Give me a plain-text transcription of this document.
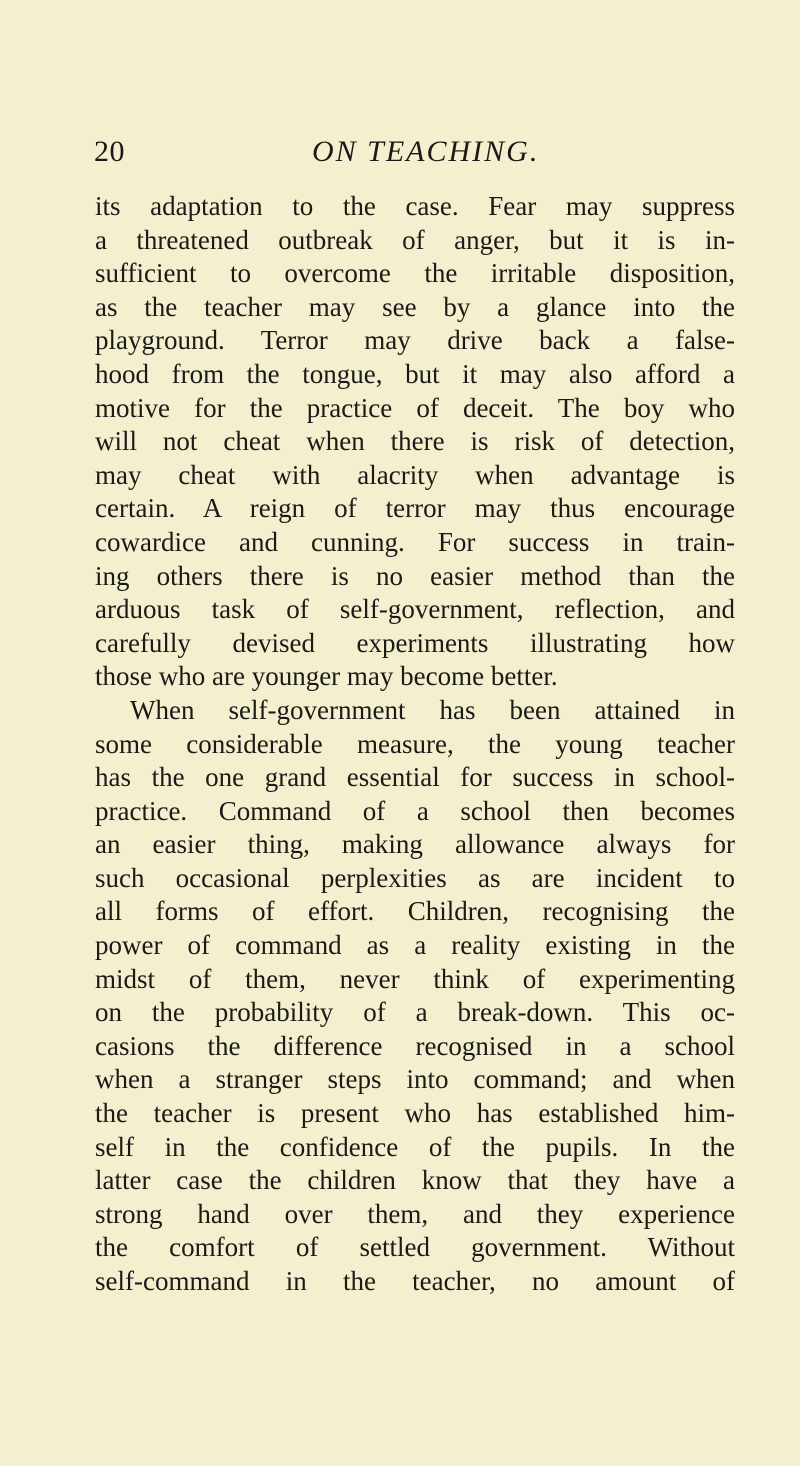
20	ON TEACHING.
its adaptation to the case. Fear may suppress
a threatened outbreak of anger, but it is in-
sufficient to overcome the irritable disposition,
as the teacher may see by a glance into the
playground. Terror may drive back a false-
hood from the tongue, but it may also afford a
motive for the practice of deceit. The boy who
will not cheat when there is risk of detection,
may cheat with alacrity when advantage is
certain. A reign of terror may thus encourage
cowardice and cunning. For success in train-
ing others there is no easier method than the
arduous task of self-government, reflection, and
carefully devised experiments illustrating how
those who are younger may become better.
When self-government has been attained in
some considerable measure, the young teacher
has the one grand essential for success in school-
practice. Command of a school then becomes
an easier thing, making allowance always for
such occasional perplexities as are incident to
all forms of effort. Children, recognising the
power of command as a reality existing in the
midst of them, never think of experimenting
on the probability of a break-down. This oc-
casions the difference recognised in a school
when a stranger steps into command; and when
the teacher is present who has established him-
self in the confidence of the pupils. In the
latter case the children know that they have a
strong hand over them, and they experience
the comfort of settled government. Without
self-command in the teacher, no amount of
